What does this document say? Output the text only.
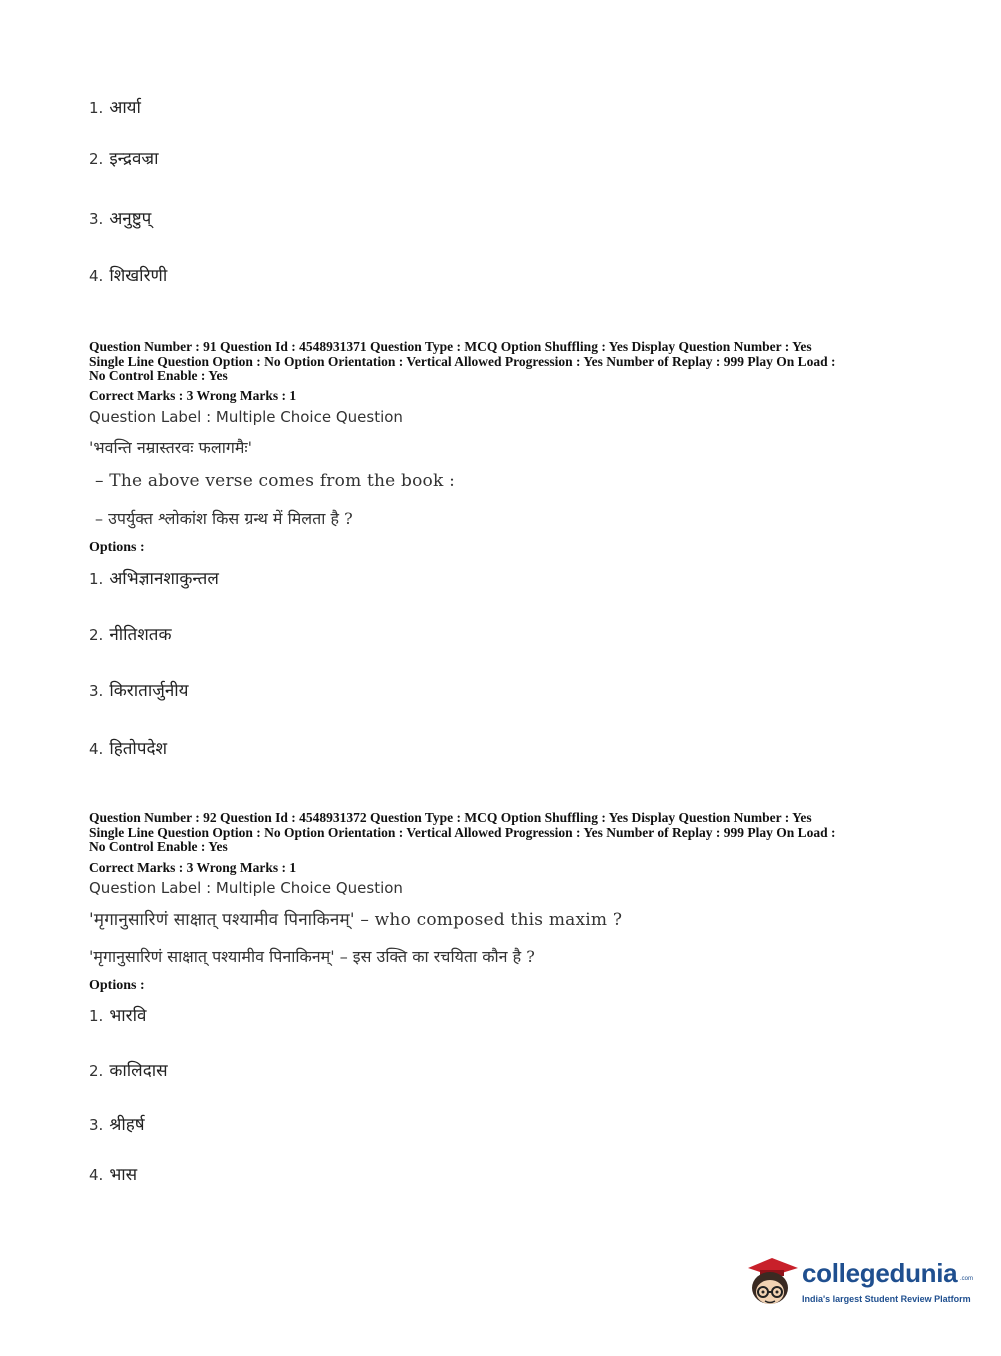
1. आर्या
2. इन्द्रवज्रा
3. अनुष्टुप्
4. शिखरिणी
Question Number : 91 Question Id : 4548931371 Question Type : MCQ Option Shuffling : Yes Display Question Number : Yes
Single Line Question Option : No Option Orientation : Vertical Allowed Progression : Yes Number of Replay : 999 Play On Load :
No Control Enable : Yes
Correct Marks : 3 Wrong Marks : 1
Question Label : Multiple Choice Question
'भवन्ति नम्रास्तरवः फलागमैः'
– The above verse comes from the book :
– उपर्युक्त श्लोकांश किस ग्रन्थ में मिलता है ?
Options :
1. अभिज्ञानशाकुन्तल
2. नीतिशतक
3. किरातार्जुनीय
4. हितोपदेश
Question Number : 92 Question Id : 4548931372 Question Type : MCQ Option Shuffling : Yes Display Question Number : Yes
Single Line Question Option : No Option Orientation : Vertical Allowed Progression : Yes Number of Replay : 999 Play On Load :
No Control Enable : Yes
Correct Marks : 3 Wrong Marks : 1
Question Label : Multiple Choice Question
'मृगानुसारिणं साक्षात् पश्यामीव पिनाकिनम्' – who composed this maxim ?
'मृगानुसारिणं साक्षात् पश्यामीव पिनाकिनम्' – इस उक्ति का रचयिता कौन है ?
Options :
1. भारवि
2. कालिदास
3. श्रीहर्ष
4. भास
collegedunia .com
India's largest Student Review Platform
